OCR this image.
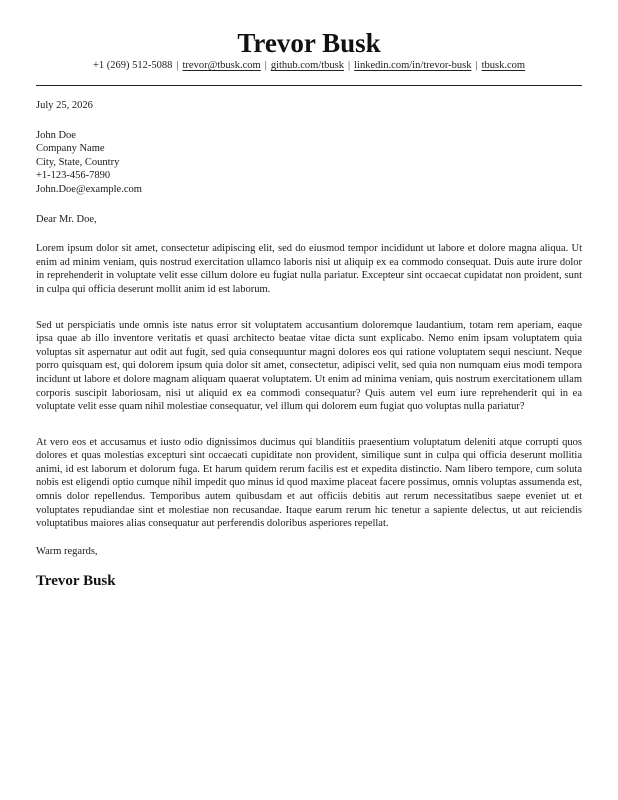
Trevor Busk
+1 (269) 512-5088 | trevor@tbusk.com | github.com/tbusk | linkedin.com/in/trevor-busk | tbusk.com
July 25, 2026
John Doe
Company Name
City, State, Country
+1-123-456-7890
John.Doe@example.com
Dear Mr. Doe,
Lorem ipsum dolor sit amet, consectetur adipiscing elit, sed do eiusmod tempor incididunt ut labore et dolore magna aliqua. Ut enim ad minim veniam, quis nostrud exercitation ullamco laboris nisi ut aliquip ex ea commodo consequat. Duis aute irure dolor in reprehenderit in voluptate velit esse cillum dolore eu fugiat nulla pariatur. Excepteur sint occaecat cupidatat non proident, sunt in culpa qui officia deserunt mollit anim id est laborum.
Sed ut perspiciatis unde omnis iste natus error sit voluptatem accusantium doloremque laudantium, totam rem aperiam, eaque ipsa quae ab illo inventore veritatis et quasi architecto beatae vitae dicta sunt explicabo. Nemo enim ipsam voluptatem quia voluptas sit aspernatur aut odit aut fugit, sed quia consequuntur magni dolores eos qui ratione voluptatem sequi nesciunt. Neque porro quisquam est, qui dolorem ipsum quia dolor sit amet, consectetur, adipisci velit, sed quia non numquam eius modi tempora incidunt ut labore et dolore magnam aliquam quaerat voluptatem. Ut enim ad minima veniam, quis nostrum exercitationem ullam corporis suscipit laboriosam, nisi ut aliquid ex ea commodi consequatur? Quis autem vel eum iure reprehenderit qui in ea voluptate velit esse quam nihil molestiae consequatur, vel illum qui dolorem eum fugiat quo voluptas nulla pariatur?
At vero eos et accusamus et iusto odio dignissimos ducimus qui blanditiis praesentium voluptatum deleniti atque corrupti quos dolores et quas molestias excepturi sint occaecati cupiditate non provident, similique sunt in culpa qui officia deserunt mollitia animi, id est laborum et dolorum fuga. Et harum quidem rerum facilis est et expedita distinctio. Nam libero tempore, cum soluta nobis est eligendi optio cumque nihil impedit quo minus id quod maxime placeat facere possimus, omnis voluptas assumenda est, omnis dolor repellendus. Temporibus autem quibusdam et aut officiis debitis aut rerum necessitatibus saepe eveniet ut et voluptates repudiandae sint et molestiae non recusandae. Itaque earum rerum hic tenetur a sapiente delectus, ut aut reiciendis voluptatibus maiores alias consequatur aut perferendis doloribus asperiores repellat.
Warm regards,
Trevor Busk
